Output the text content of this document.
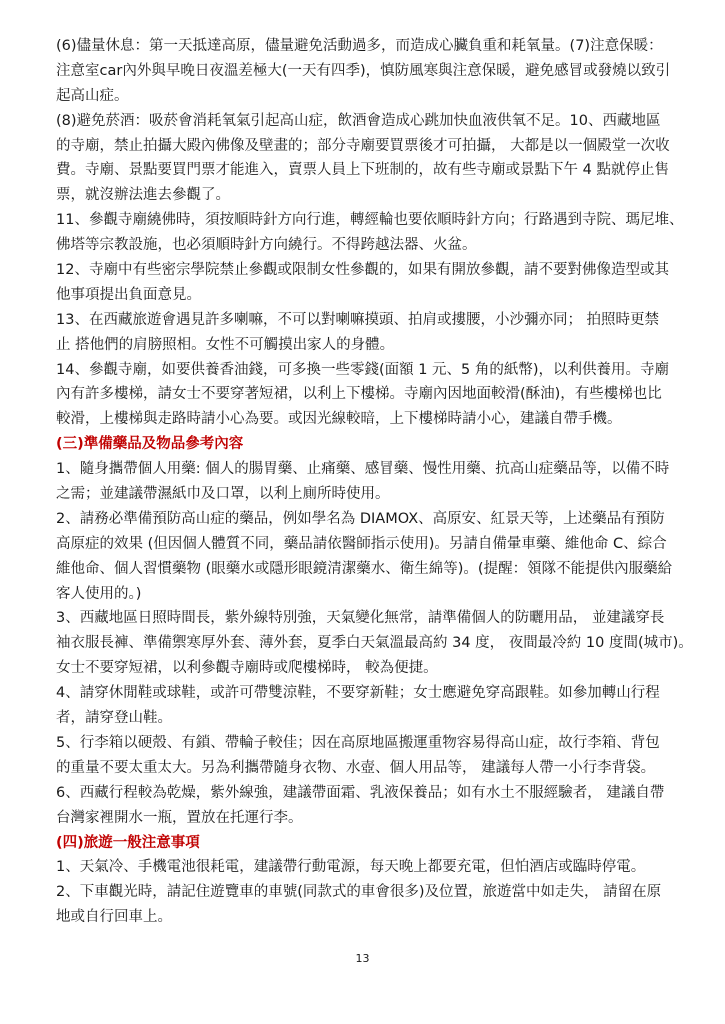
(6)儘量休息：第一天抵達高原，儘量避免活動過多，而造成心臟負重和耗氧量。(7)注意保暖：
注意室car內外與早晚日夜溫差極大(一天有四季)，慎防風寒與注意保暖，避免感冒或發燒以致引
起高山症。
(8)避免菸酒：吸菸會消耗氧氣引起高山症，飲酒會造成心跳加快血液供氧不足。10、西藏地區
的寺廟，禁止拍攝大殿內佛像及壁畫的；部分寺廟要買票後才可拍攝， 大都是以一個殿堂一次收
費。寺廟、景點要買門票才能進入，賣票人員上下班制的，故有些寺廟或景點下午 4 點就停止售
票，就沒辦法進去參觀了。
11、參觀寺廟繞佛時，須按順時針方向行進，轉經輪也要依順時針方向；行路遇到寺院、瑪尼堆、
佛塔等宗教設施，也必須順時針方向繞行。不得跨越法器、火盆。
12、寺廟中有些密宗學院禁止參觀或限制女性參觀的，如果有開放參觀，請不要對佛像造型或其
他事項提出負面意見。
13、在西藏旅遊會遇見許多喇嘛，不可以對喇嘛摸頭、拍肩或摟腰，小沙彌亦同； 拍照時更禁
止 搭他們的肩膀照相。女性不可觸摸出家人的身體。
14、參觀寺廟，如要供養香油錢，可多換一些零錢(面額 1 元、5 角的紙幣)，以利供養用。寺廟
內有許多樓梯，請女士不要穿著短裙，以利上下樓梯。寺廟內因地面較滑(酥油)，有些樓梯也比
較滑，上樓梯與走路時請小心為要。或因光線較暗，上下樓梯時請小心，建議自帶手機。
(三)準備藥品及物品參考內容
1、隨身攜帶個人用藥: 個人的腸胃藥、止痛藥、感冒藥、慢性用藥、抗高山症藥品等，以備不時
之需；並建議帶濕紙巾及口罩，以利上廁所時使用。
2、請務必準備預防高山症的藥品，例如學名為 DIAMOX、高原安、紅景天等，上述藥品有預防
高原症的效果 (但因個人體質不同，藥品請依醫師指示使用)。另請自備暈車藥、維他命 C、綜合
維他命、個人習慣藥物 (眼藥水或隱形眼鏡清潔藥水、衛生綿等)。(提醒：領隊不能提供內服藥給
客人使用的。)
3、西藏地區日照時間長，紫外線特別強，天氣變化無常，請準備個人的防曬用品， 並建議穿長
袖衣服長褲、準備禦寒厚外套、薄外套，夏季白天氣溫最高約 34 度， 夜間最冷約 10 度間(城市)。
女士不要穿短裙，以利參觀寺廟時或爬樓梯時， 較為便捷。
4、請穿休閒鞋或球鞋，或許可帶雙涼鞋，不要穿新鞋；女士應避免穿高跟鞋。如參加轉山行程
者，請穿登山鞋。
5、行李箱以硬殼、有鎖、帶輪子較佳；因在高原地區搬運重物容易得高山症，故行李箱、背包
的重量不要太重太大。另為利攜帶隨身衣物、水壺、個人用品等， 建議每人帶一小行李背袋。
6、西藏行程較為乾燥，紫外線強，建議帶面霜、乳液保養品；如有水土不服經驗者， 建議自帶
台灣家裡開水一瓶，置放在托運行李。
(四)旅遊一般注意事項
1、天氣冷、手機電池很耗電，建議帶行動電源，每天晚上都要充電，但怕酒店或臨時停電。
2、下車觀光時，請記住遊覽車的車號(同款式的車會很多)及位置，旅遊當中如走失， 請留在原
地或自行回車上。
13
